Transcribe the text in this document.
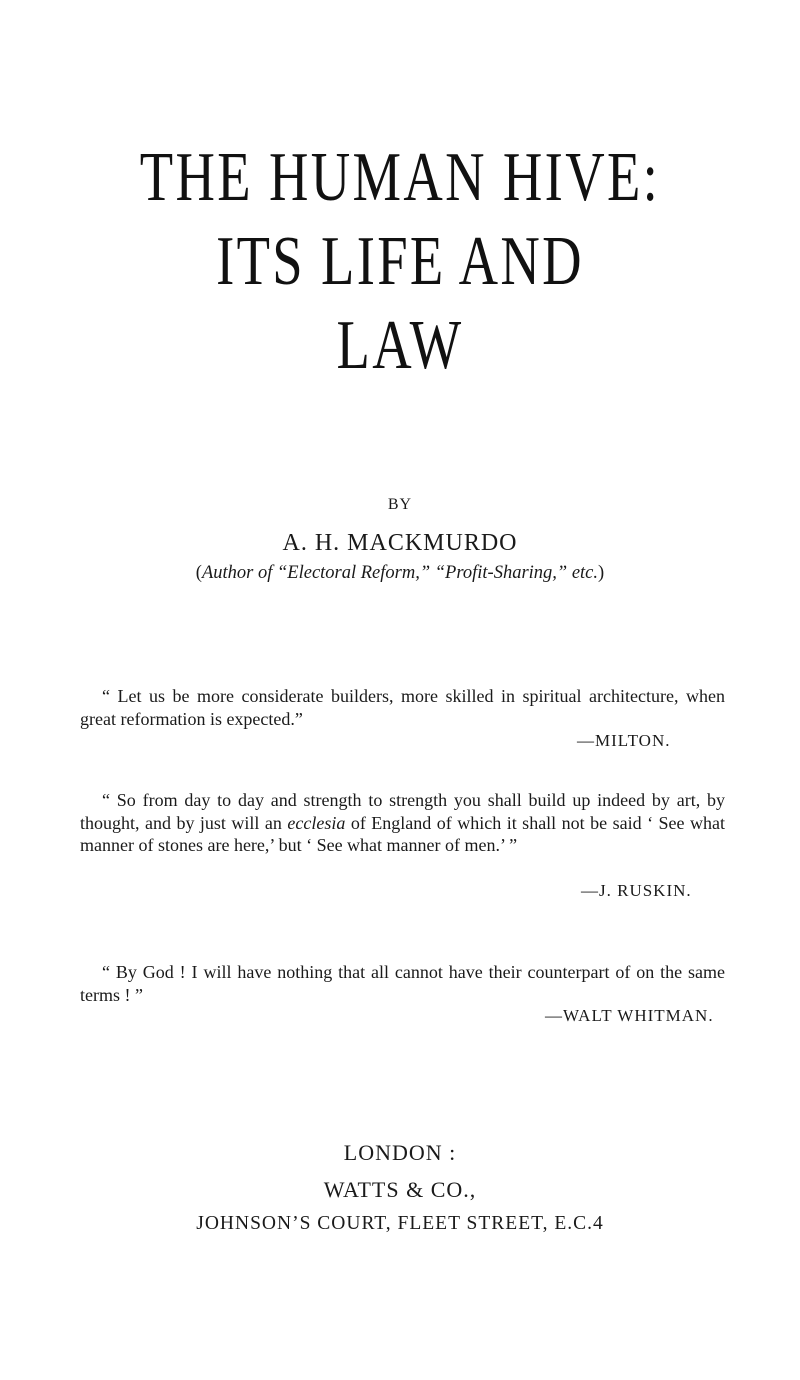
THE HUMAN HIVE:
ITS LIFE AND
LAW
BY
A. H. MACKMURDO
(Author of “Electoral Reform,” “Profit-Sharing,” etc.)
“ Let us be more considerate builders, more skilled in spiritual architecture, when great reformation is expected.”
—MILTON.
“ So from day to day and strength to strength you shall build up indeed by art, by thought, and by just will an ecclesia of England of which it shall not be said ‘ See what manner of stones are here,’ but ‘ See what manner of men.’ ”
—J. RUSKIN.
“ By God ! I will have nothing that all cannot have their counterpart of on the same terms ! ”
—WALT WHITMAN.
LONDON :
WATTS & CO.,
JOHNSON’S COURT, FLEET STREET, E.C.4
